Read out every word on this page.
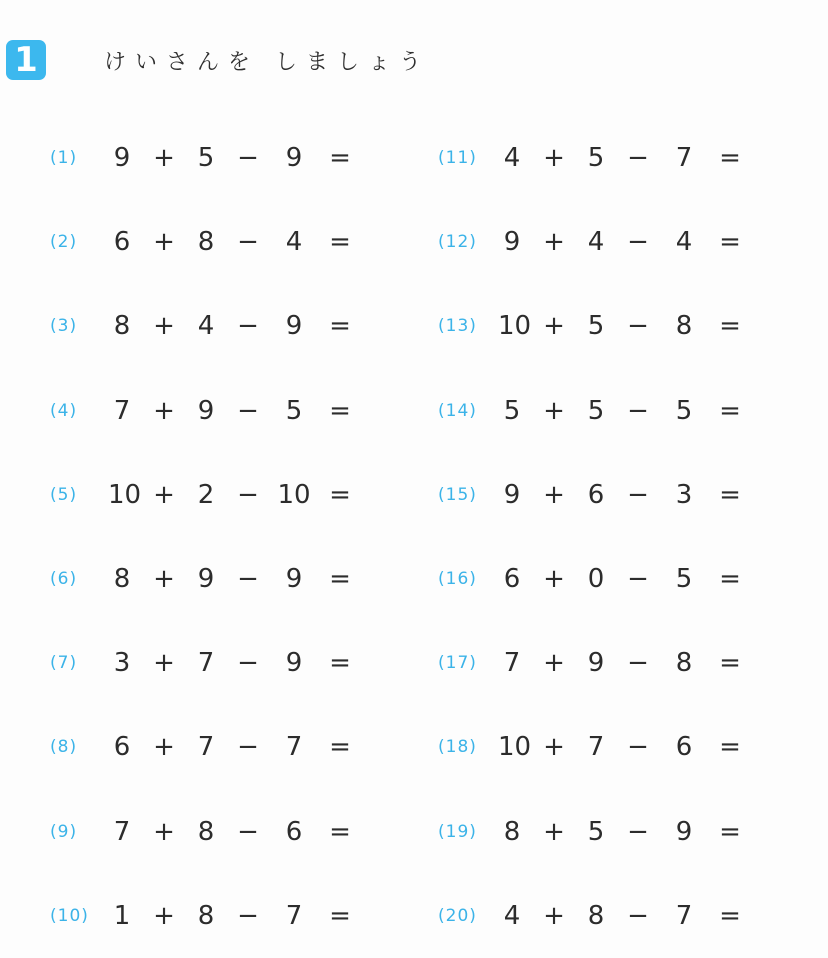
1	けいさんを しましょう
(1)	9 + 5 −	9	=
(2)	6 + 8 −	4	=
(3)	8 + 4 −	9	=
(4)	7 + 9 −	5	=
(5)	10 + 2 − 10 =
(6)	8 + 9 −	9	=
(7)	3 + 7 −	9	=
(8)	6 + 7 −	7	=
(9)	7 + 8 −	6	=
(10) 1 + 8 −	7	=
(11)	4 + 5 −	7	=
(12)	9 + 4 −	4	=
(13) 10 + 5 −	8	=
(14)	5 + 5 −	5	=
(15)	9 + 6 −	3	=
(16)	6 + 0 −	5	=
(17)	7 + 9 −	8	=
(18) 10 + 7 −	6	=
(19)	8 + 5 −	9	=
(20)	4 + 8 −	7	=
